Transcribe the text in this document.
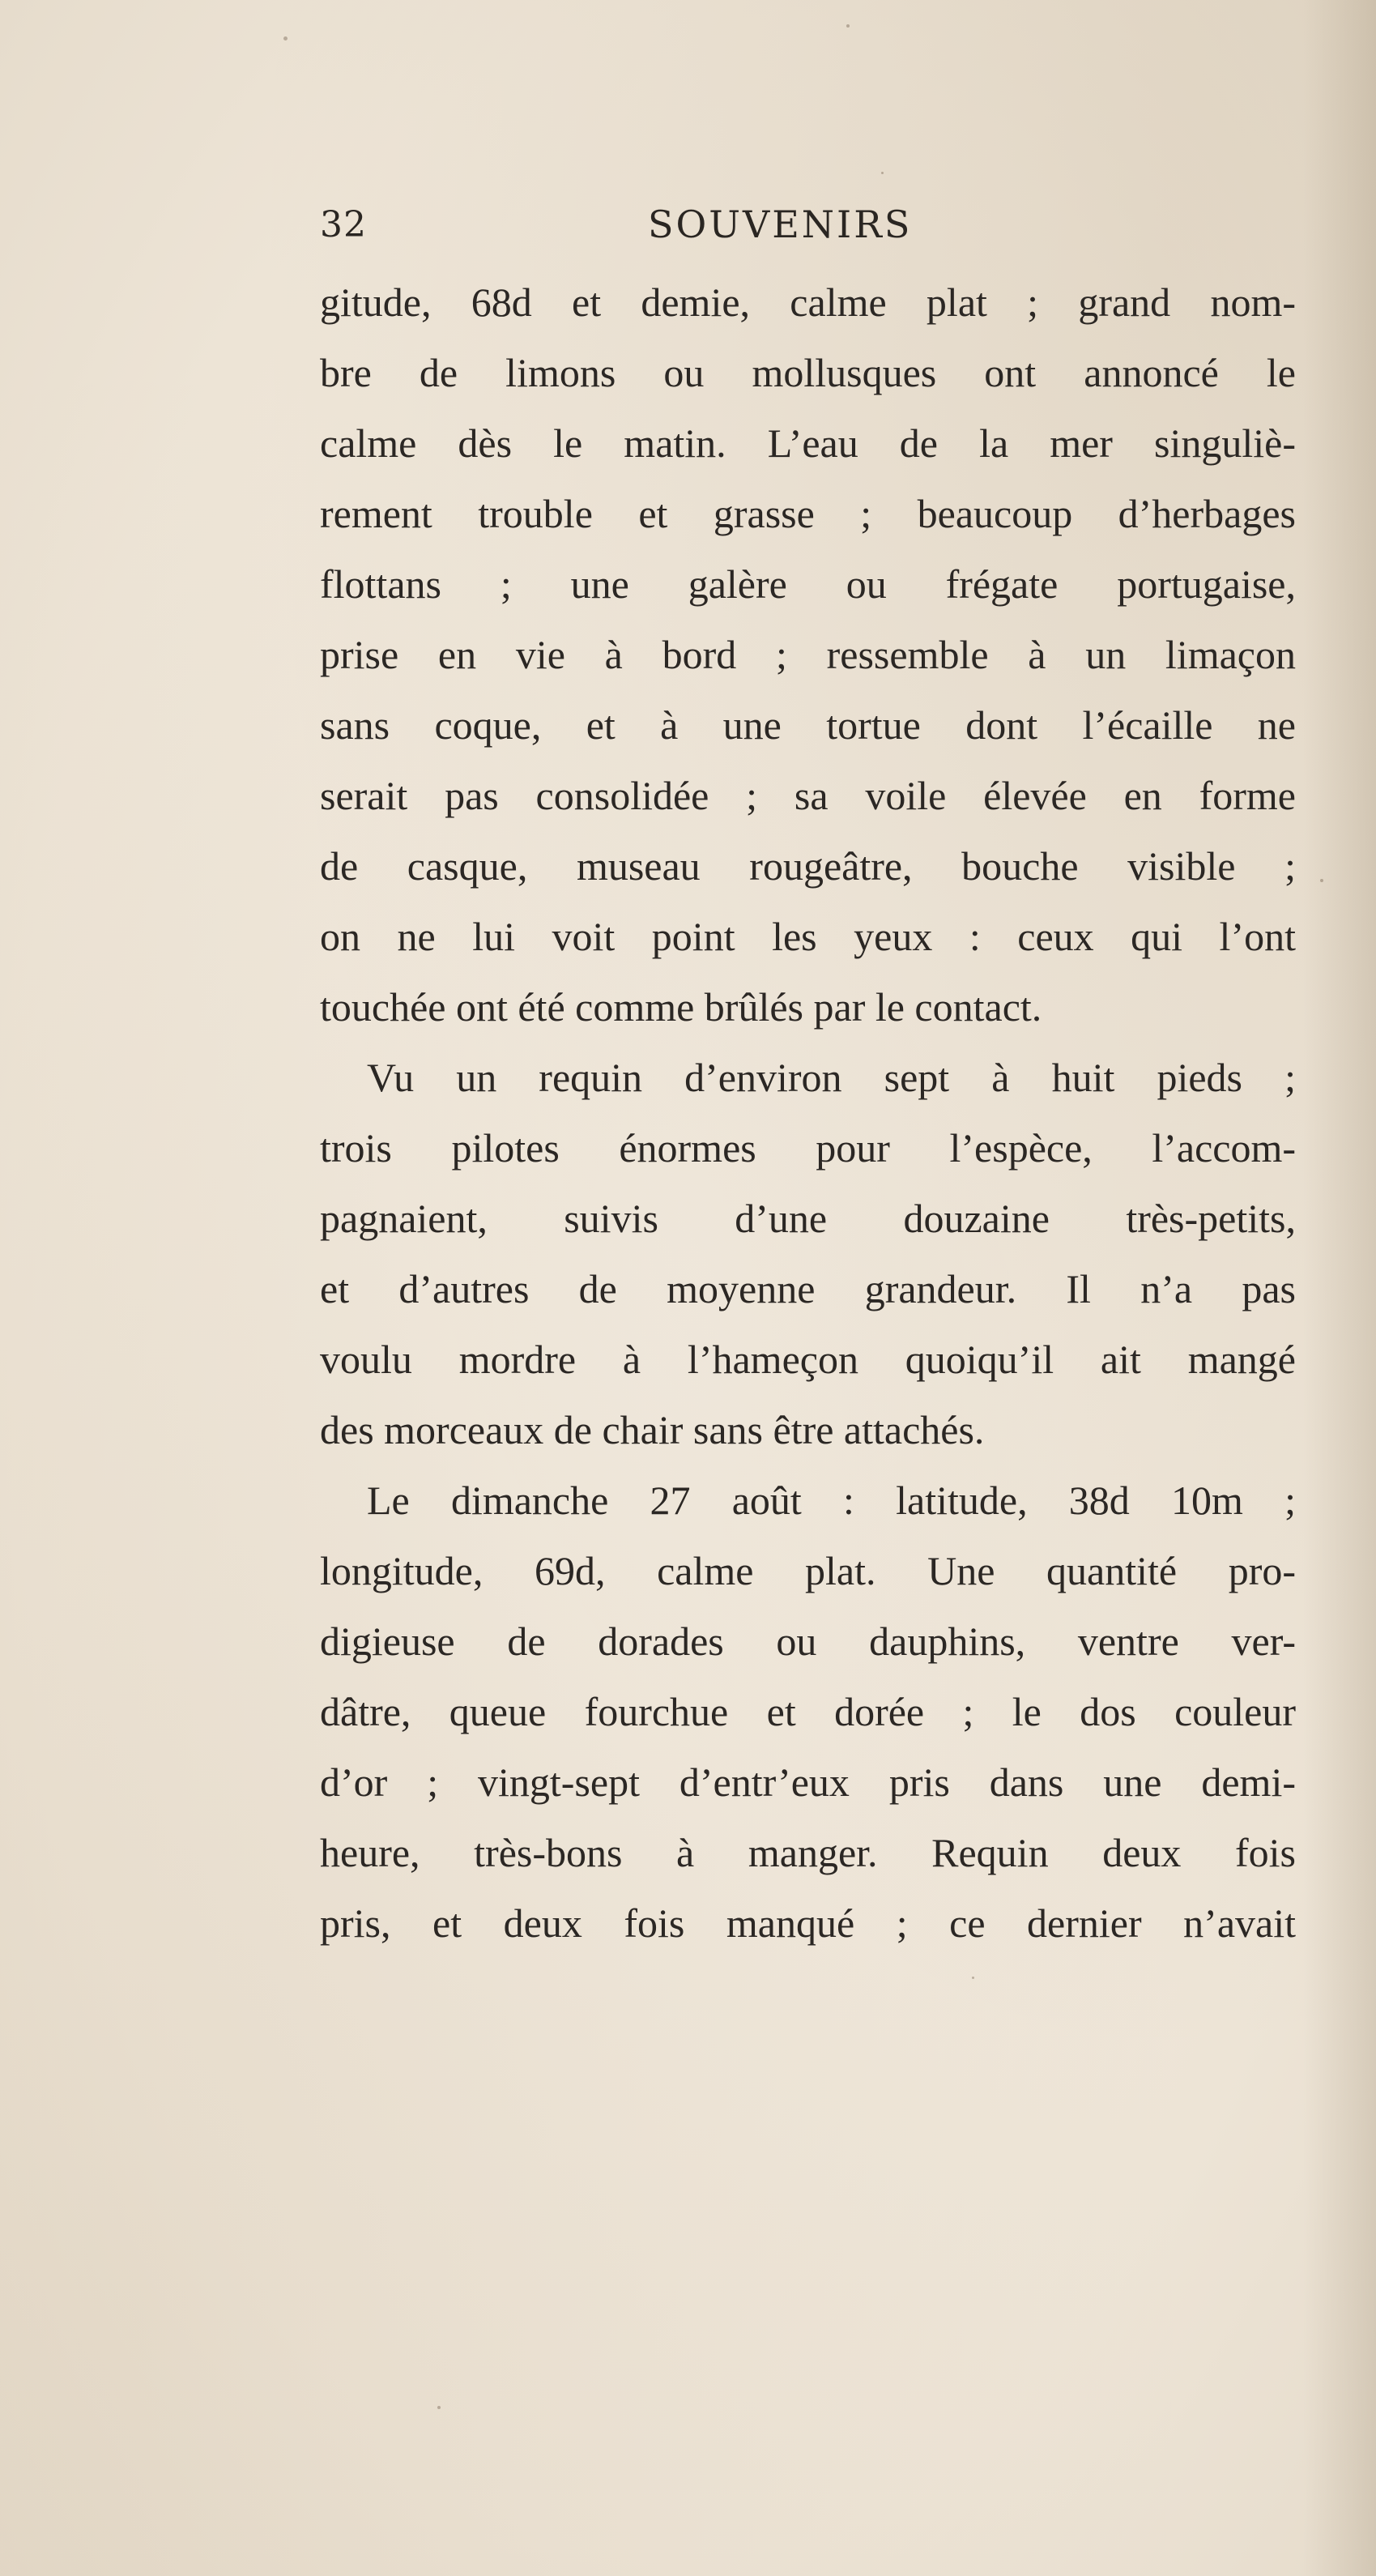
32	SOUVENIRS
gitude, 68d et demie, calme plat ; grand nom-
bre de limons ou mollusques ont annoncé le
calme dès le matin. L’eau de la mer singuliè-
rement trouble et grasse ; beaucoup d’herbages
flottans ; une galère ou frégate portugaise,
prise en vie à bord ; ressemble à un limaçon
sans coque, et à une tortue dont l’écaille ne
serait pas consolidée ; sa voile élevée en forme
de casque, museau rougeâtre, bouche visible ;
on ne lui voit point les yeux : ceux qui l’ont
touchée ont été comme brûlés par le contact.
Vu un requin d’environ sept à huit pieds ;
trois pilotes énormes pour l’espèce, l’accom-
pagnaient, suivis d’une douzaine très-petits,
et d’autres de moyenne grandeur. Il n’a pas
voulu mordre à l’hameçon quoiqu’il ait mangé
des morceaux de chair sans être attachés.
Le dimanche 27 août : latitude, 38d 10m ;
longitude, 69d, calme plat. Une quantité pro-
digieuse de dorades ou dauphins, ventre ver-
dâtre, queue fourchue et dorée ; le dos couleur
d’or ; vingt-sept d’entr’eux pris dans une demi-
heure, très-bons à manger. Requin deux fois
pris, et deux fois manqué ; ce dernier n’avait
